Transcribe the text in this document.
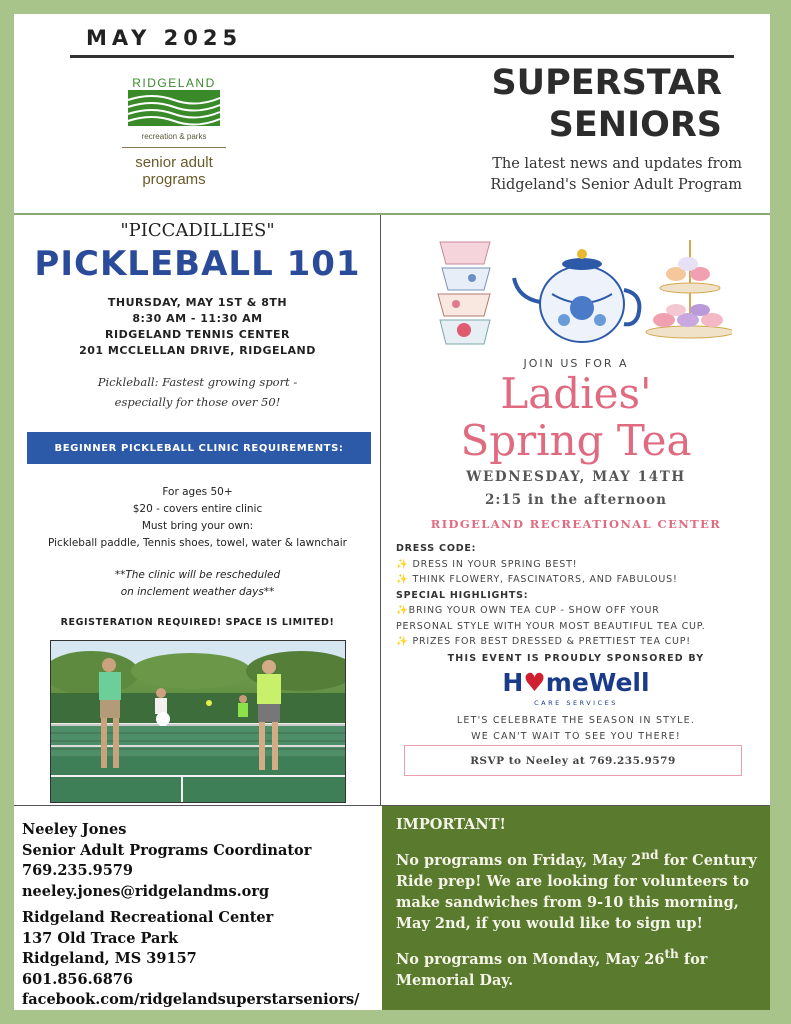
MAY 2025
RIDGELAND
recreation & parks
senior adult
programs
SUPERSTAR
SENIORS
The latest news and updates from
Ridgeland's Senior Adult Program
"PICCADILLIES"
PICKLEBALL 101
THURSDAY, MAY 1ST & 8TH
8:30 AM - 11:30 AM
RIDGELAND TENNIS CENTER
201 MCCLELLAN DRIVE, RIDGELAND
Pickleball: Fastest growing sport -
especially for those over 50!
BEGINNER PICKLEBALL CLINIC REQUIREMENTS:
For ages 50+
$20 - covers entire clinic
Must bring your own:
Pickleball paddle, Tennis shoes, towel, water & lawnchair
**The clinic will be rescheduled
on inclement weather days**
REGISTERATION REQUIRED! SPACE IS LIMITED!
JOIN US FOR A
Ladies'
Spring Tea
WEDNESDAY, MAY 14TH
2:15 in the afternoon
RIDGELAND RECREATIONAL CENTER
DRESS CODE:
✨ DRESS IN YOUR SPRING BEST!
✨ THINK FLOWERY, FASCINATORS, AND FABULOUS!
SPECIAL HIGHLIGHTS:
✨BRING YOUR OWN TEA CUP - SHOW OFF YOUR
PERSONAL STYLE WITH YOUR MOST BEAUTIFUL TEA CUP.
✨ PRIZES FOR BEST DRESSED & PRETTIEST TEA CUP!
THIS EVENT IS PROUDLY SPONSORED BY
H♥meWell
CARE SERVICES
LET'S CELEBRATE THE SEASON IN STYLE.
WE CAN'T WAIT TO SEE YOU THERE!
RSVP to Neeley at 769.235.9579
Neeley Jones
Senior Adult Programs Coordinator
769.235.9579
neeley.jones@ridgelandms.org
Ridgeland Recreational Center
137 Old Trace Park
Ridgeland, MS 39157
601.856.6876
facebook.com/ridgelandsuperstarseniors/

IMPORTANT!

No programs on Friday, May 2nd for Century Ride prep! We are looking for volunteers to make sandwiches from 9-10 this morning, May 2nd, if you would like to sign up!

No programs on Monday, May 26th for Memorial Day.
